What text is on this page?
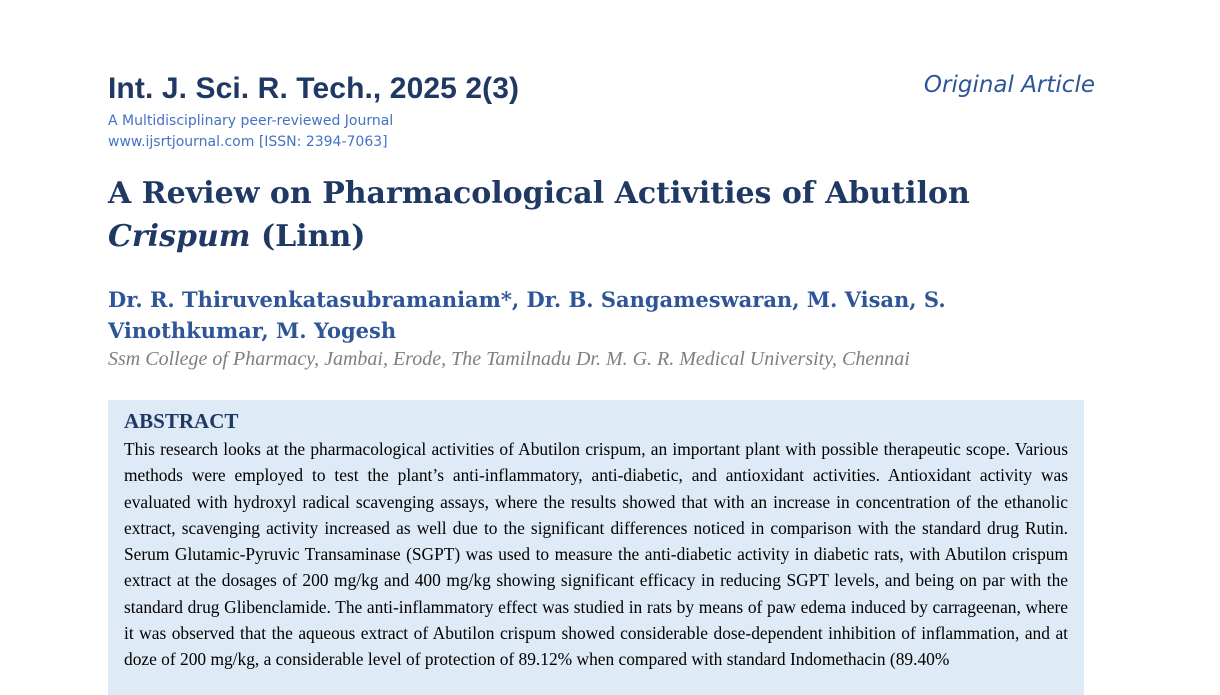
Int. J. Sci. R. Tech., 2025 2(3)	Original Article
A Multidisciplinary peer-reviewed Journal
www.ijsrtjournal.com [ISSN: 2394-7063]
A Review on Pharmacological Activities of Abutilon Crispum (Linn)

Dr. R. Thiruvenkatasubramaniam*, Dr. B. Sangameswaran, M. Visan, S. Vinothkumar, M. Yogesh

Ssm College of Pharmacy, Jambai, Erode, The Tamilnadu Dr. M. G. R. Medical University, Chennai
ABSTRACT

This research looks at the pharmacological activities of Abutilon crispum, an important plant with possible therapeutic scope. Various methods were employed to test the plant’s anti-inflammatory, anti-diabetic, and antioxidant activities. Antioxidant activity was evaluated with hydroxyl radical scavenging assays, where the results showed that with an increase in concentration of the ethanolic extract, scavenging activity increased as well due to the significant differences noticed in comparison with the standard drug Rutin. Serum Glutamic-Pyruvic Transaminase (SGPT) was used to measure the anti-diabetic activity in diabetic rats, with Abutilon crispum extract at the dosages of 200 mg/kg and 400 mg/kg showing significant efficacy in reducing SGPT levels, and being on par with the standard drug Glibenclamide. The anti-inflammatory effect was studied in rats by means of paw edema induced by carrageenan, where it was observed that the aqueous extract of Abutilon crispum showed considerable dose-dependent inhibition of inflammation, and at doze of 200 mg/kg, a considerable level of protection of 89.12% when compared with standard Indomethacin (89.40%
